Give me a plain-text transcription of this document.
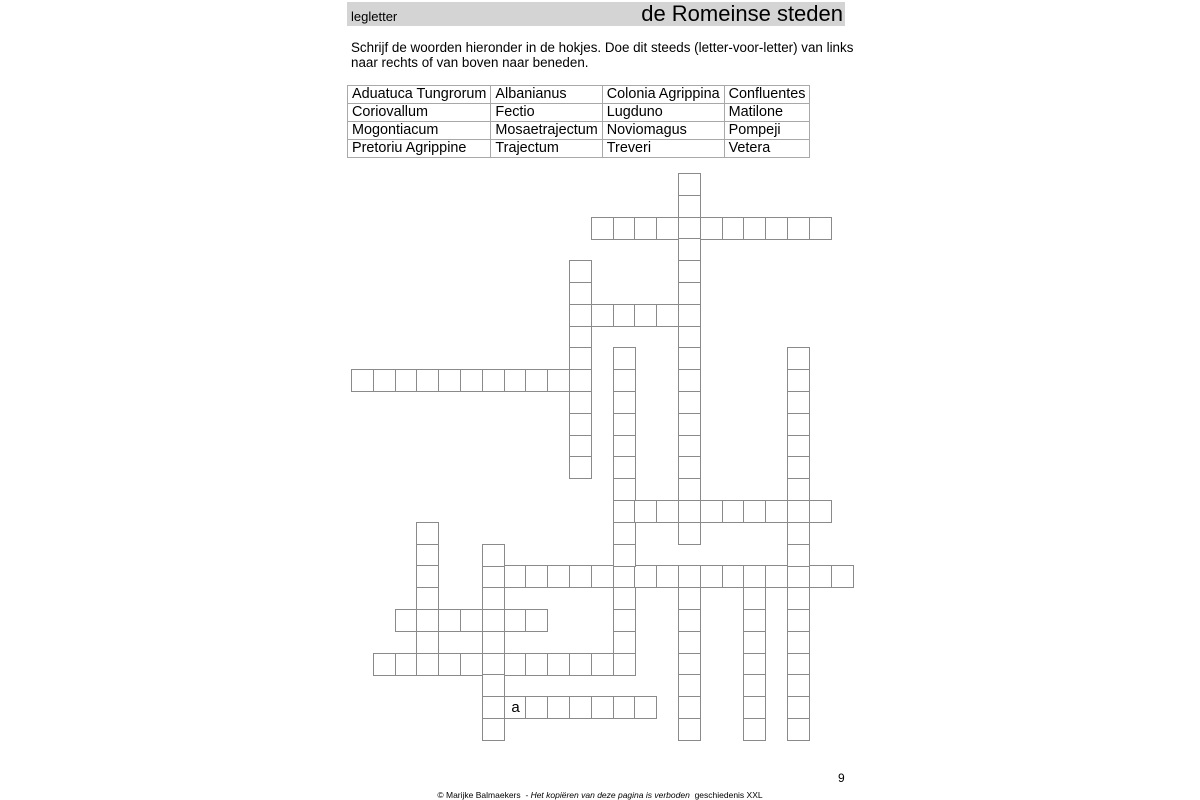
legletter	de Romeinse steden
Schrijf de woorden hieronder in de hokjes. Doe dit steeds (letter-voor-letter) van links naar rechts of van boven naar beneden.
Aduatuca Tungrorum	Albanianus	Colonia Agrippina	Confluentes
Coriovallum	Fectio	Lugduno	Matilone
Mogontiacum	Mosaetrajectum	Noviomagus	Pompeji
Pretoriu Agrippine	Trajectum	Treveri	Vetera
a
9
© Marijke Balmaekers - Het kopiëren van deze pagina is verboden geschiedenis XXL
